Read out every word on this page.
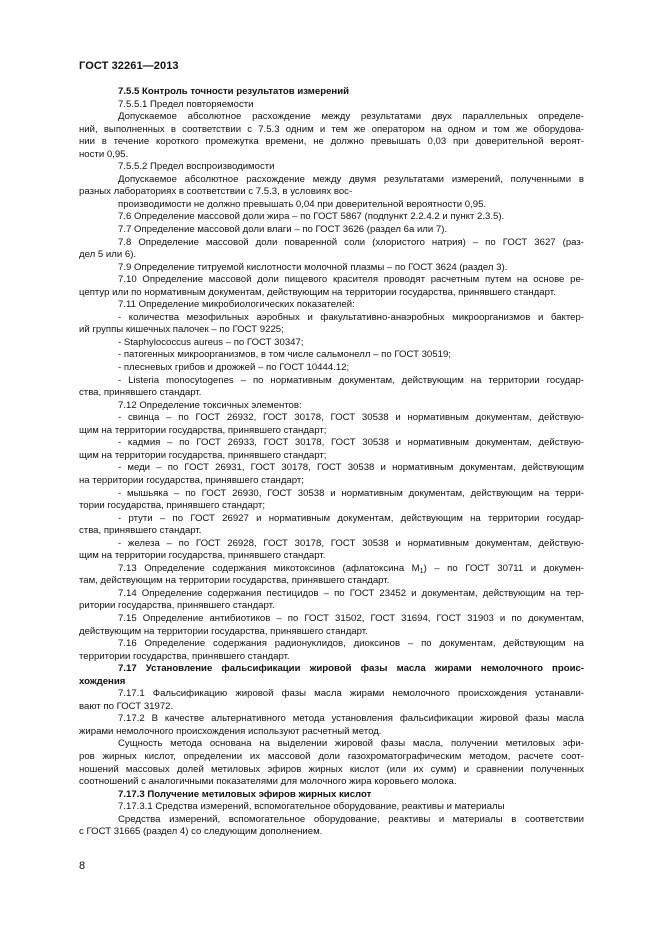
ГОСТ 32261—2013
7.5.5 Контроль точности результатов измерений
7.5.5.1 Предел повторяемости
Допускаемое абсолютное расхождение между результатами двух параллельных определе-
ний, выполненных в соответствии с 7.5.3 одним и тем же оператором на одном и том же оборудова-
нии в течение короткого промежутка времени, не должно превышать 0,03 при доверительной вероят-
ности 0,95.
7.5.5.2 Предел воспроизводимости
Допускаемое абсолютное расхождение между двумя результатами измерений, полученными в
разных лабораториях в соответствии с 7.5.3, в условиях вос-
производимости не должно превышать 0,04 при доверительной вероятности 0,95.
7.6 Определение массовой доли жира – по ГОСТ 5867 (подпункт 2.2.4.2 и пункт 2.3.5).
7.7 Определение массовой доли влаги – по ГОСТ 3626 (раздел 6а или 7).
7.8 Определение массовой доли поваренной соли (хлористого натрия) – по ГОСТ 3627 (раз-
дел 5 или 6).
7.9 Определение титруемой кислотности молочной плазмы – по ГОСТ 3624 (раздел 3).
7.10 Определение массовой доли пищевого красителя проводят расчетным путем на основе ре-
цептур или по нормативным документам, действующим на территории государства, принявшего стандарт.
7.11 Определение микробиологических показателей:
- количества мезофильных аэробных и факультативно-анаэробных микроорганизмов и бактер-
ий группы кишечных палочек – по ГОСТ 9225;
- Staphylococcus aureus – по ГОСТ 30347;
- патогенных микроорганизмов, в том числе сальмонелл – по ГОСТ 30519;
- плесневых грибов и дрожжей – по ГОСТ 10444.12;
- Listeria monocytogenes – по нормативным документам, действующим на территории государ-
ства, принявшего стандарт.
7.12 Определение токсичных элементов:
- свинца – по ГОСТ 26932, ГОСТ 30178, ГОСТ 30538 и нормативным документам, действую-
щим на территории государства, принявшего стандарт;
- кадмия – по ГОСТ 26933, ГОСТ 30178, ГОСТ 30538 и нормативным документам, действую-
щим на территории государства, принявшего стандарт;
- меди – по ГОСТ 26931, ГОСТ 30178, ГОСТ 30538 и нормативным документам, действующим
на территории государства, принявшего стандарт;
- мышьяка – по ГОСТ 26930, ГОСТ 30538 и нормативным документам, действующим на терри-
тории государства, принявшего стандарт;
- ртути – по ГОСТ 26927 и нормативным документам, действующим на территории государ-
ства, принявшего стандарт.
- железа – по ГОСТ 26928, ГОСТ 30178, ГОСТ 30538 и нормативным документам, действую-
щим на территории государства, принявшего стандарт.
7.13 Определение содержания микотоксинов (афлатоксина $М_1$) – по ГОСТ 30711 и докумен-
там, действующим на территории государства, принявшего стандарт.
7.14 Определение содержания пестицидов – по ГОСТ 23452 и документам, действующим на тер-
ритории государства, принявшего стандарт.
7.15 Определение антибиотиков – по ГОСТ 31502, ГОСТ 31694, ГОСТ 31903 и по документам,
действующим на территории государства, принявшего стандарт.
7.16 Определение содержания радионуклидов, диоксинов – по документам, действующим на
территории государства, принявшего стандарт.
7.17 Установление фальсификации жировой фазы масла жирами немолочного проис-
хождения
7.17.1 Фальсификацию жировой фазы масла жирами немолочного происхождения устанавли-
вают по ГОСТ 31972.
7.17.2 В качестве альтернативного метода установления фальсификации жировой фазы масла
жирами немолочного происхождения используют расчетный метод.
Сущность метода основана на выделении жировой фазы масла, получении метиловых эфи-
ров жирных кислот, определении их массовой доли газохроматографическим методом, расчете соот-
ношений массовых долей метиловых эфиров жирных кислот (или их сумм) и сравнении полученных
соотношений с аналогичными показателями для молочного жира коровьего молока.
7.17.3 Получение метиловых эфиров жирных кислот
7.17.3.1 Средства измерений, вспомогательное оборудование, реактивы и материалы
Средства измерений, вспомогательное оборудование, реактивы и материалы в соответствии
с ГОСТ 31665 (раздел 4) со следующим дополнением.
8
